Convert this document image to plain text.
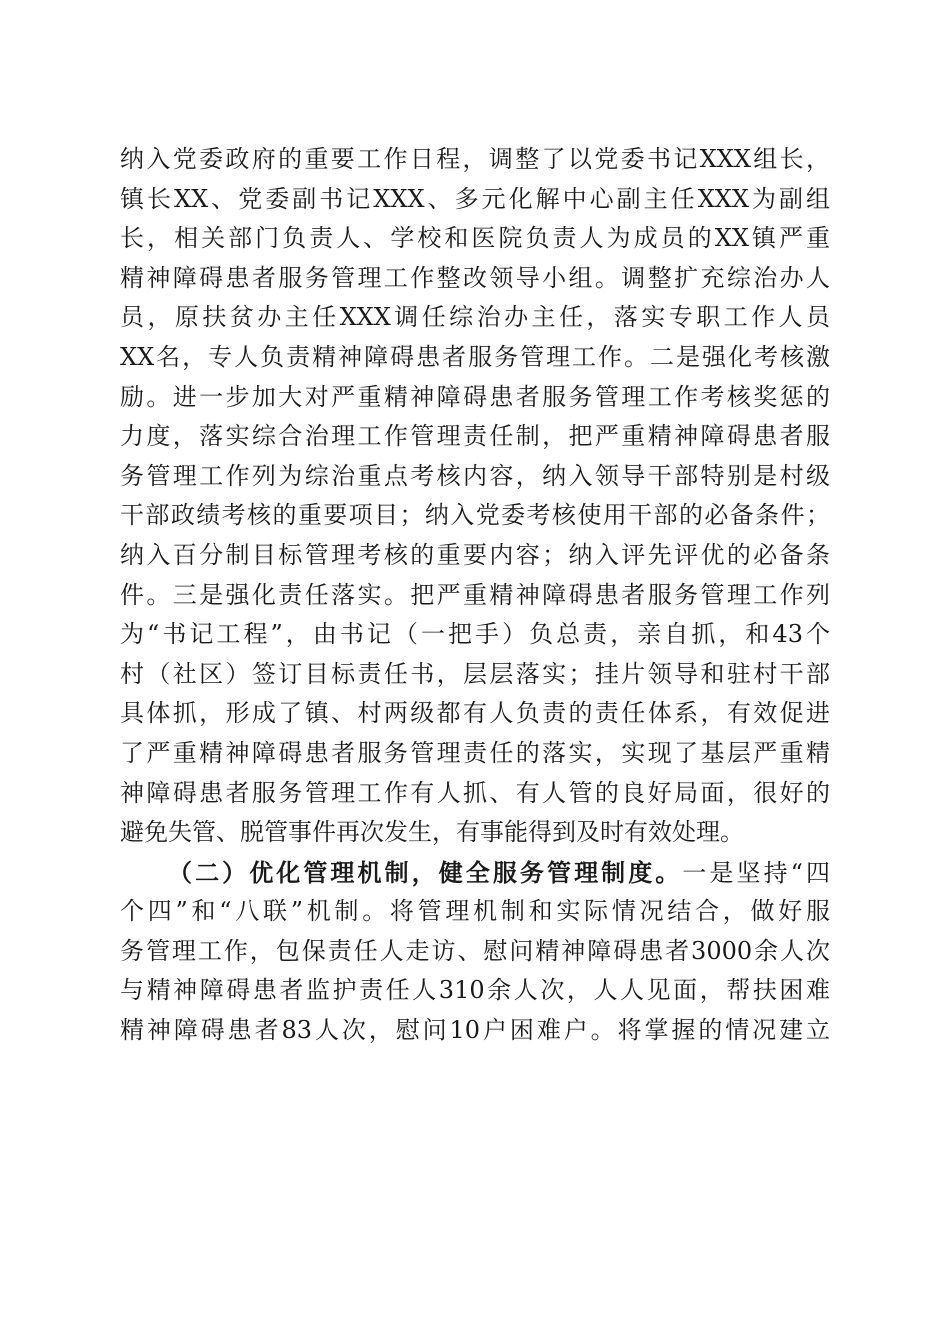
纳入党委政府的重要工作日程，调整了以党委书记XXX组长，
镇长XX、党委副书记XXX、多元化解中心副主任XXX为副组
长，相关部门负责人、学校和医院负责人为成员的XX镇严重
精神障碍患者服务管理工作整改领导小组。调整扩充综治办人
员，原扶贫办主任XXX调任综治办主任，落实专职工作人员
XX名，专人负责精神障碍患者服务管理工作。二是强化考核激
励。进一步加大对严重精神障碍患者服务管理工作考核奖惩的
力度，落实综合治理工作管理责任制，把严重精神障碍患者服
务管理工作列为综治重点考核内容，纳入领导干部特别是村级
干部政绩考核的重要项目；纳入党委考核使用干部的必备条件；
纳入百分制目标管理考核的重要内容；纳入评先评优的必备条
件。三是强化责任落实。把严重精神障碍患者服务管理工作列
为“书记工程”，由书记（一把手）负总责，亲自抓，和43个
村（社区）签订目标责任书，层层落实；挂片领导和驻村干部
具体抓，形成了镇、村两级都有人负责的责任体系，有效促进
了严重精神障碍患者服务管理责任的落实，实现了基层严重精
神障碍患者服务管理工作有人抓、有人管的良好局面，很好的
避免失管、脱管事件再次发生，有事能得到及时有效处理。
（二）优化管理机制，健全服务管理制度。一是坚持“四
个四”和“八联”机制。将管理机制和实际情况结合，做好服
务管理工作，包保责任人走访、慰问精神障碍患者3000余人次
与精神障碍患者监护责任人310余人次，人人见面，帮扶困难
精神障碍患者83人次，慰问10户困难户。将掌握的情况建立
